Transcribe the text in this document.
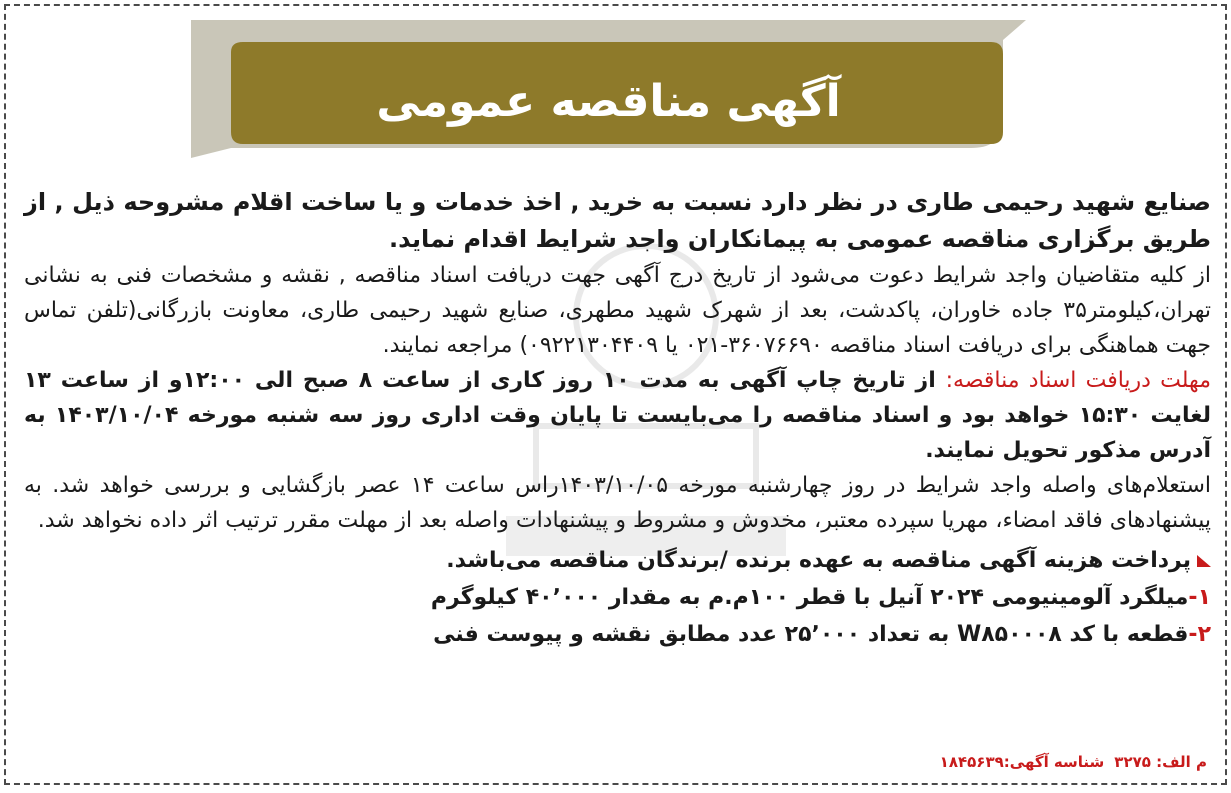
آگهی مناقصه عمومی

صنایع شهید رحیمی طاری در نظر دارد نسبت به خرید , اخذ خدمات و یا ساخت اقلام مشروحه ذیل , از طریق برگزاری مناقصه عمومی به پیمانکاران واجد شرایط اقدام نماید.

از کلیه متقاضیان واجد شرایط دعوت می‌شود از تاریخ درج آگهی جهت دریافت اسناد مناقصه , نقشه و مشخصات فنی به نشانی تهران،کیلومتر۳۵ جاده خاوران، پاکدشت، بعد از شهرک شهید مطهری، صنایع شهید رحیمی طاری، معاونت بازرگانی(تلفن تماس جهت هماهنگی برای دریافت اسناد مناقصه ۳۶۰۷۶۶۹۰-۰۲۱ یا ۰۹۲۲۱۳۰۴۴۰۹) مراجعه نمایند.

مهلت دریافت اسناد مناقصه: از تاریخ چاپ آگهی به مدت ۱۰ روز کاری از ساعت ۸ صبح الی ۱۲:۰۰و از ساعت ۱۳ لغایت ۱۵:۳۰ خواهد بود و اسناد مناقصه را می‌بایست تا پایان وقت اداری روز سه شنبه مورخه ۱۴۰۳/۱۰/۰۴ به آدرس مذکور تحویل نمایند.

استعلام‌های واصله واجد شرایط در روز چهارشنبه مورخه ۱۴۰۳/۱۰/۰۵راس ساعت ۱۴ عصر بازگشایی و بررسی خواهد شد. به پیشنهادهای فاقد امضاء، مهریا سپرده معتبر، مخدوش و مشروط و پیشنهادات واصله بعد از مهلت مقرر ترتیب اثر داده نخواهد شد.

پرداخت هزینه آگهی مناقصه به عهده برنده /برندگان مناقصه می‌باشد.
۱-میلگرد آلومینیومی ۲۰۲۴ آنیل با قطر ۱۰۰م.م به مقدار ۴۰٬۰۰۰ کیلوگرم
۲-قطعه با کد W۸۵۰۰۰۸ به تعداد ۲۵٬۰۰۰ عدد مطابق نقشه و پیوست فنی
م الف: ۳۲۷۵شناسه آگهی:۱۸۴۵۶۳۹
